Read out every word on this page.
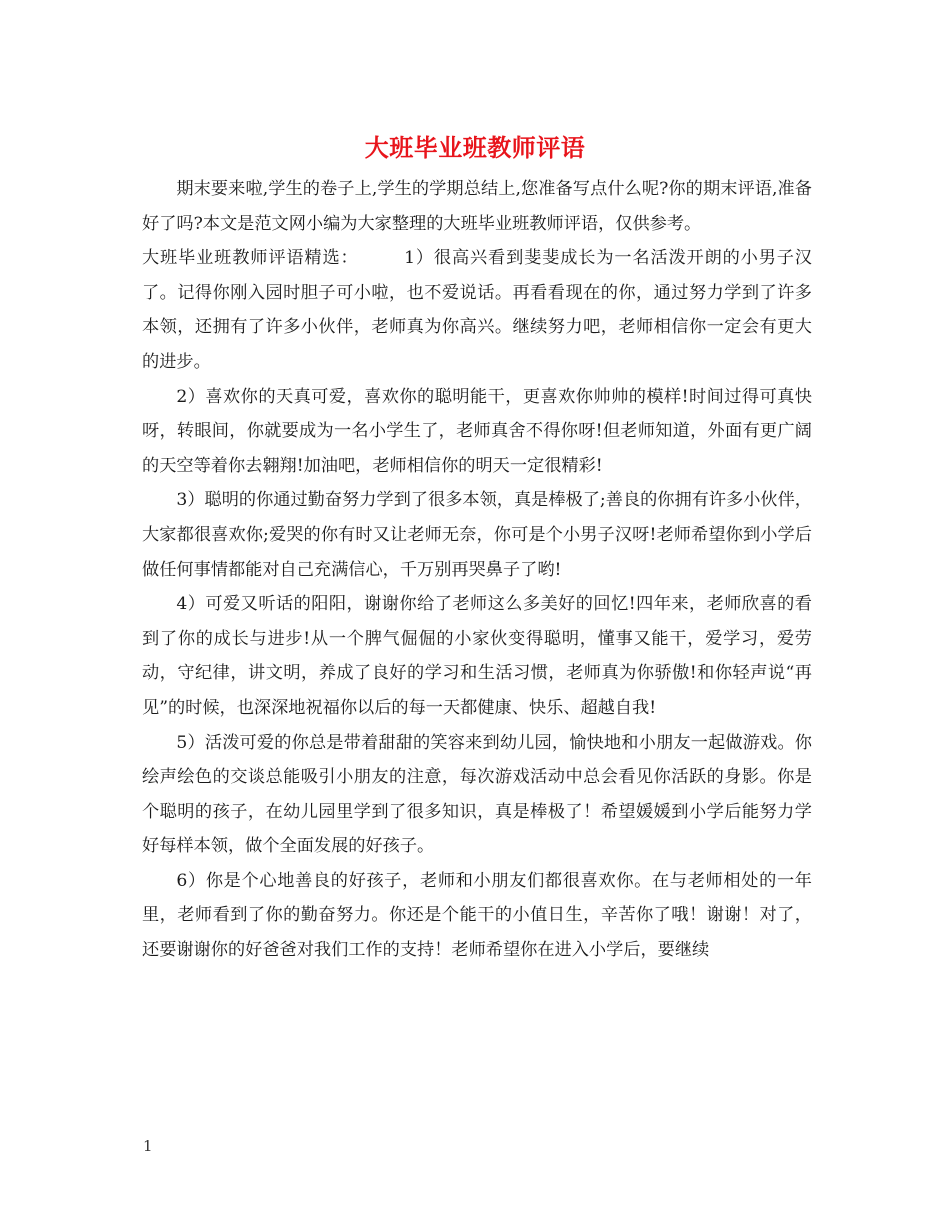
大班毕业班教师评语

期末要来啦,学生的卷子上,学生的学期总结上,您准备写点什么呢?你的期末评语,准备好了吗?本文是范文网小编为大家整理的大班毕业班教师评语，仅供参考。

大班毕业班教师评语精选：　　　1）很高兴看到斐斐成长为一名活泼开朗的小男子汉了。记得你刚入园时胆子可小啦，也不爱说话。再看看现在的你，通过努力学到了许多本领，还拥有了许多小伙伴，老师真为你高兴。继续努力吧，老师相信你一定会有更大的进步。

2）喜欢你的天真可爱，喜欢你的聪明能干，更喜欢你帅帅的模样!时间过得可真快呀，转眼间，你就要成为一名小学生了，老师真舍不得你呀!但老师知道，外面有更广阔的天空等着你去翱翔!加油吧，老师相信你的明天一定很精彩!

3）聪明的你通过勤奋努力学到了很多本领，真是棒极了;善良的你拥有许多小伙伴，大家都很喜欢你;爱哭的你有时又让老师无奈，你可是个小男子汉呀!老师希望你到小学后做任何事情都能对自己充满信心，千万别再哭鼻子了哟!

4）可爱又听话的阳阳，谢谢你给了老师这么多美好的回忆!四年来，老师欣喜的看到了你的成长与进步!从一个脾气倔倔的小家伙变得聪明，懂事又能干，爱学习，爱劳动，守纪律，讲文明，养成了良好的学习和生活习惯，老师真为你骄傲!和你轻声说“再见”的时候，也深深地祝福你以后的每一天都健康、快乐、超越自我!

5）活泼可爱的你总是带着甜甜的笑容来到幼儿园，愉快地和小朋友一起做游戏。你绘声绘色的交谈总能吸引小朋友的注意，每次游戏活动中总会看见你活跃的身影。你是个聪明的孩子，在幼儿园里学到了很多知识，真是棒极了！希望媛媛到小学后能努力学好每样本领，做个全面发展的好孩子。

6）你是个心地善良的好孩子，老师和小朋友们都很喜欢你。在与老师相处的一年里，老师看到了你的勤奋努力。你还是个能干的小值日生，辛苦你了哦！谢谢！对了，还要谢谢你的好爸爸对我们工作的支持！老师希望你在进入小学后，要继续

1
